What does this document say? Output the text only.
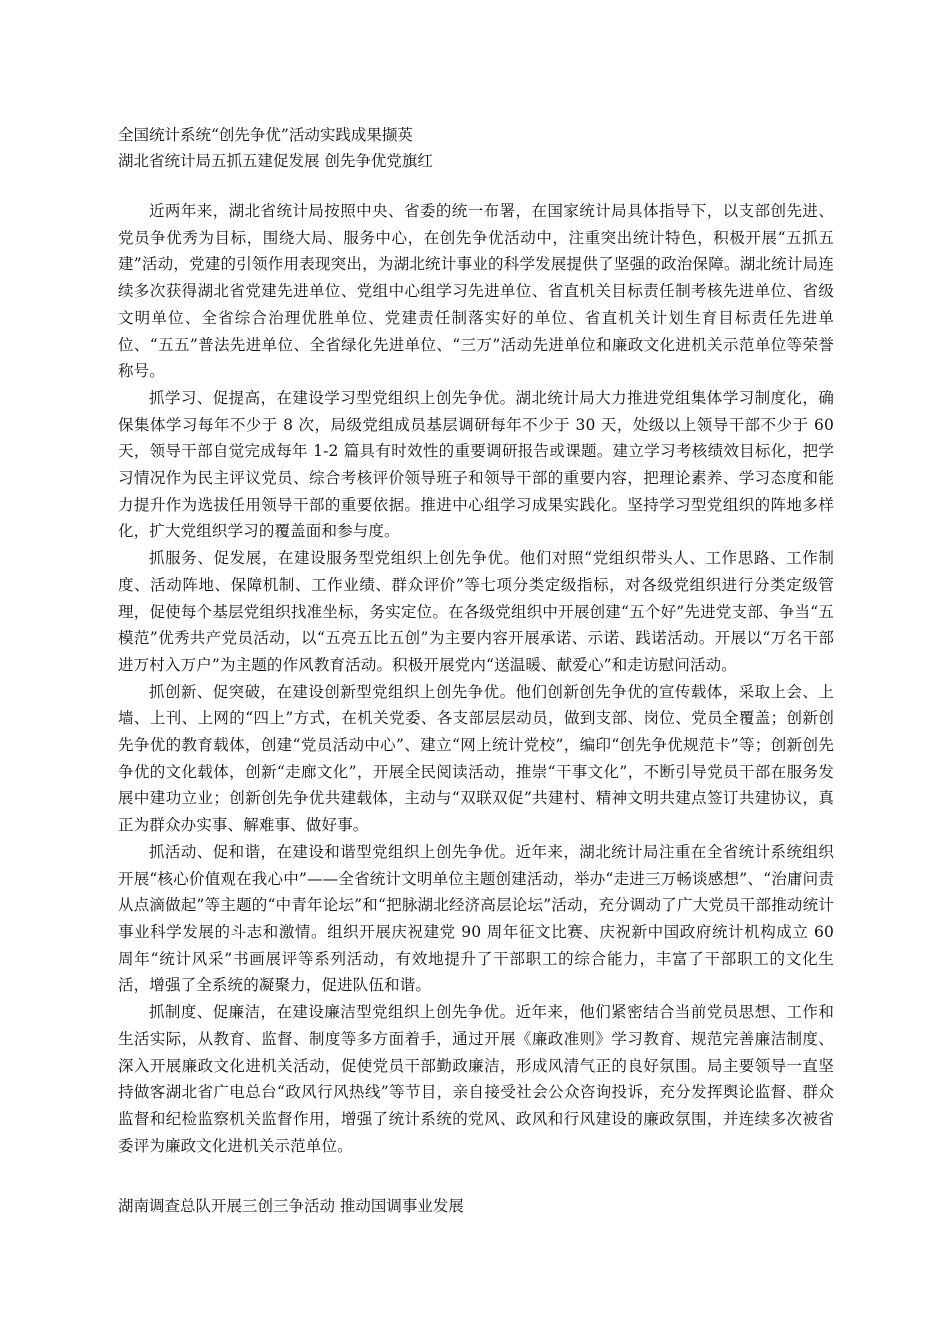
全国统计系统“创先争优”活动实践成果撷英

湖北省统计局五抓五建促发展 创先争优党旗红

近两年来，湖北省统计局按照中央、省委的统一布署，在国家统计局具体指导下，以支部创先进、党员争优秀为目标，围绕大局、服务中心，在创先争优活动中，注重突出统计特色，积极开展“五抓五建”活动，党建的引领作用表现突出，为湖北统计事业的科学发展提供了坚强的政治保障。湖北统计局连续多次获得湖北省党建先进单位、党组中心组学习先进单位、省直机关目标责任制考核先进单位、省级文明单位、全省综合治理优胜单位、党建责任制落实好的单位、省直机关计划生育目标责任先进单位、“五五”普法先进单位、全省绿化先进单位、“三万”活动先进单位和廉政文化进机关示范单位等荣誉称号。

抓学习、促提高，在建设学习型党组织上创先争优。湖北统计局大力推进党组集体学习制度化，确保集体学习每年不少于 8 次，局级党组成员基层调研每年不少于 30 天，处级以上领导干部不少于 60 天，领导干部自觉完成每年 1-2 篇具有时效性的重要调研报告或课题。建立学习考核绩效目标化，把学习情况作为民主评议党员、综合考核评价领导班子和领导干部的重要内容，把理论素养、学习态度和能力提升作为选拔任用领导干部的重要依据。推进中心组学习成果实践化。坚持学习型党组织的阵地多样化，扩大党组织学习的覆盖面和参与度。

抓服务、促发展，在建设服务型党组织上创先争优。他们对照“党组织带头人、工作思路、工作制度、活动阵地、保障机制、工作业绩、群众评价”等七项分类定级指标，对各级党组织进行分类定级管理，促使每个基层党组织找准坐标，务实定位。在各级党组织中开展创建“五个好”先进党支部、争当“五模范”优秀共产党员活动，以“五亮五比五创”为主要内容开展承诺、示诺、践诺活动。开展以“万名干部进万村入万户”为主题的作风教育活动。积极开展党内“送温暖、献爱心”和走访慰问活动。

抓创新、促突破，在建设创新型党组织上创先争优。他们创新创先争优的宣传载体，采取上会、上墙、上刊、上网的“四上”方式，在机关党委、各支部层层动员，做到支部、岗位、党员全覆盖；创新创先争优的教育载体，创建“党员活动中心”、建立“网上统计党校”，编印“创先争优规范卡”等；创新创先争优的文化载体，创新“走廊文化”，开展全民阅读活动，推崇“干事文化”，不断引导党员干部在服务发展中建功立业；创新创先争优共建载体，主动与“双联双促”共建村、精神文明共建点签订共建协议，真正为群众办实事、解难事、做好事。

抓活动、促和谐，在建设和谐型党组织上创先争优。近年来，湖北统计局注重在全省统计系统组织开展“核心价值观在我心中”——全省统计文明单位主题创建活动，举办“走进三万畅谈感想”、“治庸问责从点滴做起”等主题的“中青年论坛”和“把脉湖北经济高层论坛”活动，充分调动了广大党员干部推动统计事业科学发展的斗志和激情。组织开展庆祝建党 90 周年征文比赛、庆祝新中国政府统计机构成立 60 周年“统计风采”书画展评等系列活动，有效地提升了干部职工的综合能力，丰富了干部职工的文化生活，增强了全系统的凝聚力，促进队伍和谐。

抓制度、促廉洁，在建设廉洁型党组织上创先争优。近年来，他们紧密结合当前党员思想、工作和生活实际，从教育、监督、制度等多方面着手，通过开展《廉政准则》学习教育、规范完善廉洁制度、深入开展廉政文化进机关活动，促使党员干部勤政廉洁，形成风清气正的良好氛围。局主要领导一直坚持做客湖北省广电总台“政风行风热线”等节目，亲自接受社会公众咨询投诉，充分发挥舆论监督、群众监督和纪检监察机关监督作用，增强了统计系统的党风、政风和行风建设的廉政氛围，并连续多次被省委评为廉政文化进机关示范单位。

湖南调查总队开展三创三争活动 推动国调事业发展
